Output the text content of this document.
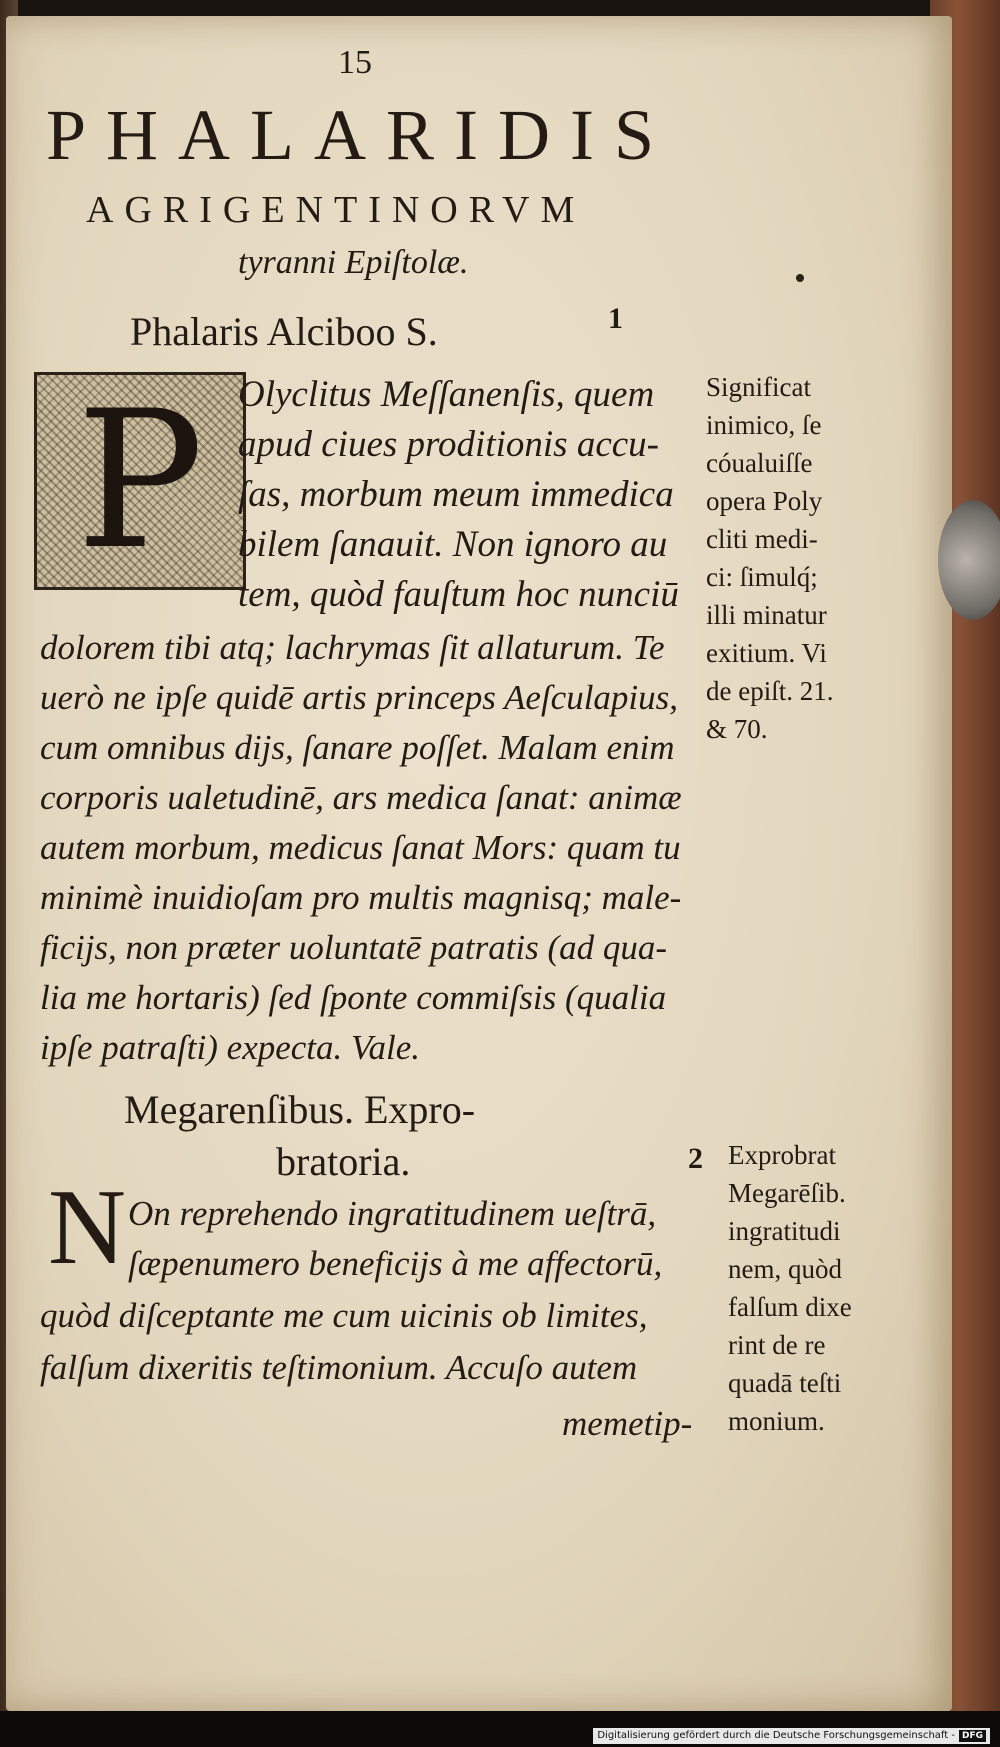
15
PHALARIDIS
AGRIGENTINORVM
tyranni Epiſtolæ.
Phalaris Alciboo S.	1
P Olyclitus Meſſanenſis, quem
apud ciues proditionis accu-
ſas, morbum meum immedica
bilem ſanauit. Non ignoro au
tem, quòd fauſtum hoc nunciū
dolorem tibi atq; lachrymas ſit allaturum. Te
uerò ne ipſe quidē artis princeps Aeſculapius,
cum omnibus dijs, ſanare poſſet. Malam enim
corporis ualetudinē, ars medica ſanat: animæ
autem morbum, medicus ſanat Mors: quam tu
minimè inuidioſam pro multis magnisq; male-
ficijs, non præter uoluntatē patratis (ad qua-
lia me hortaris) ſed ſponte commiſsis (qualia
ipſe patraſti) expecta. Vale.
Significat
inimico, ſe
cóualuiſſe
opera Poly
cliti medi-
ci: ſimulq́;
illi minatur
exitium. Vi
de epiſt. 21.
& 70.
Megarenſibus. Expro-
bratoria.	2
N On reprehendo ingratitudinem ueſtrā,
ſæpenumero beneficijs à me affectorū,
quòd diſceptante me cum uicinis ob limites,
falſum dixeritis teſtimonium. Accuſo autem
memetip-
Exprobrat
Megarēſib.
ingratitudi
nem, quòd
falſum dixe
rint de re
quadā teſti
monium.
Digitalisierung gefördert durch die Deutsche Forschungsgemeinschaft - DFG
